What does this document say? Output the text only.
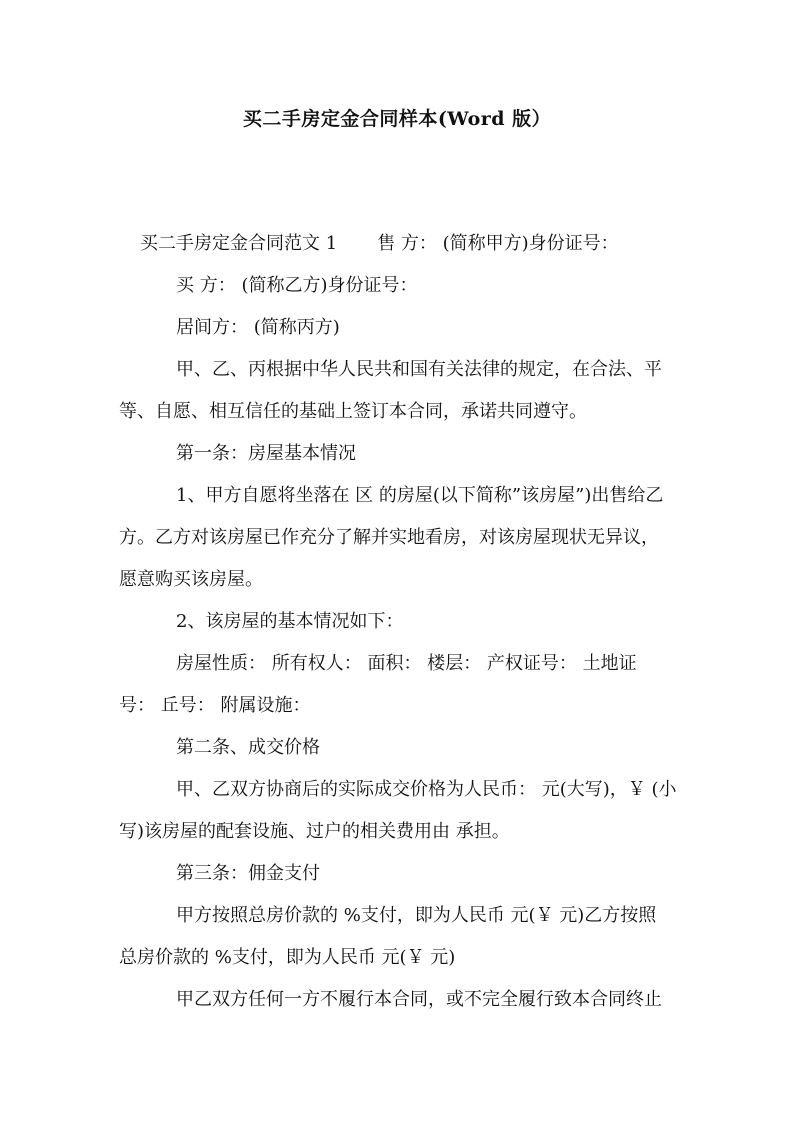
买二手房定金合同样本(Word 版）
买二手房定金合同范文 1 售 方： (简称甲方)身份证号：
买 方： (简称乙方)身份证号：
居间方： (简称丙方)
甲、乙、丙根据中华人民共和国有关法律的规定，在合法、平
等、自愿、相互信任的基础上签订本合同，承诺共同遵守。
第一条：房屋基本情况
1、甲方自愿将坐落在 区 的房屋(以下简称”该房屋”)出售给乙
方。乙方对该房屋已作充分了解并实地看房，对该房屋现状无异议，
愿意购买该房屋。
2、该房屋的基本情况如下：
房屋性质： 所有权人： 面积： 楼层： 产权证号： 土地证
号： 丘号： 附属设施：
第二条、成交价格
甲、乙双方协商后的实际成交价格为人民币： 元(大写)，￥ (小
写)该房屋的配套设施、过户的相关费用由 承担。
第三条：佣金支付
甲方按照总房价款的 %支付，即为人民币 元(￥ 元)乙方按照
总房价款的 %支付，即为人民币 元(￥ 元)
甲乙双方任何一方不履行本合同，或不完全履行致本合同终止
